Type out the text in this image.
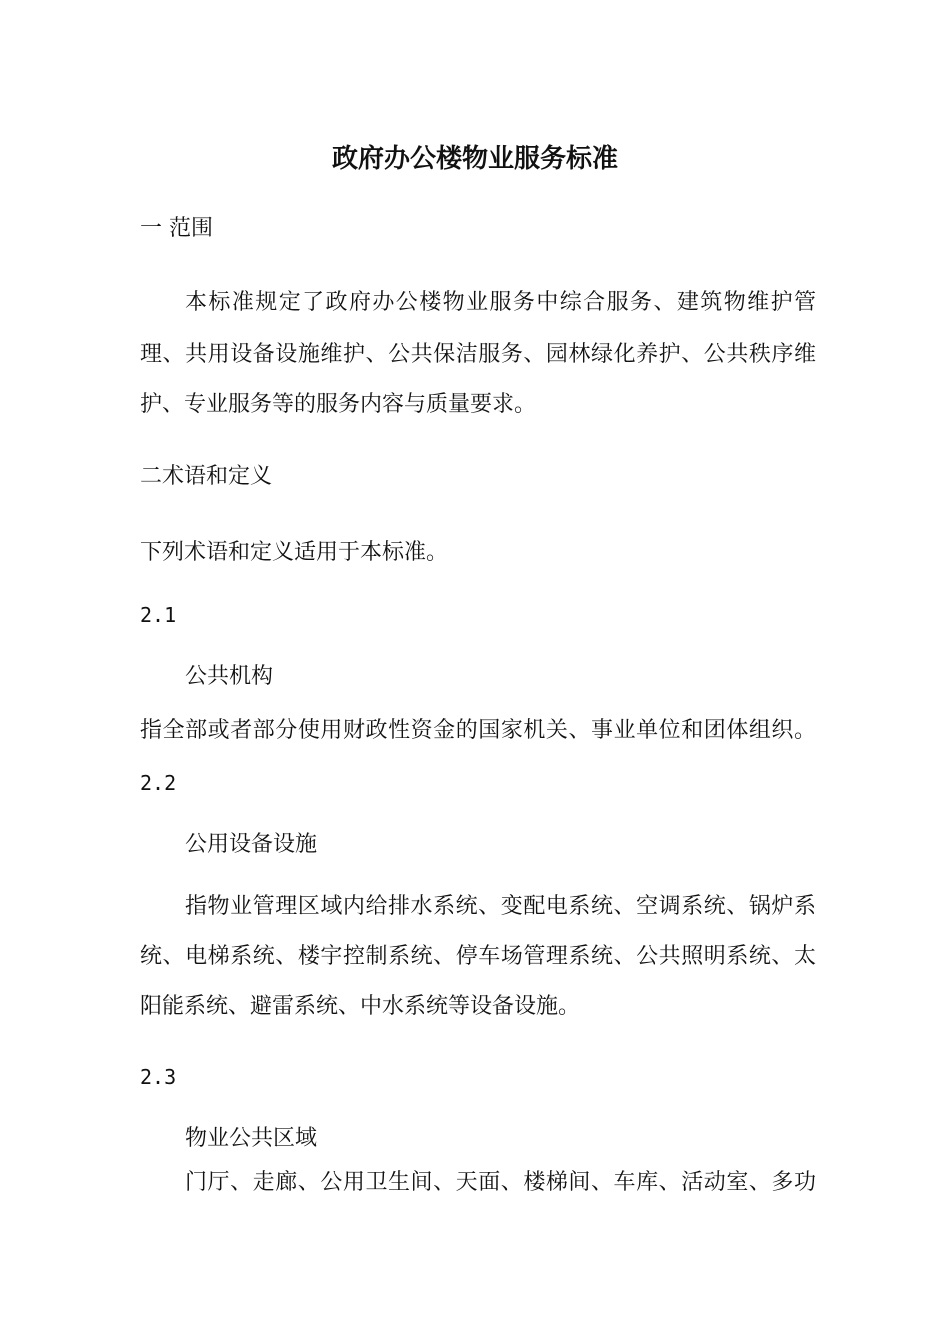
政府办公楼物业服务标准
一 范围
本标准规定了政府办公楼物业服务中综合服务、建筑物维护管
理、共用设备设施维护、公共保洁服务、园林绿化养护、公共秩序维
护、专业服务等的服务内容与质量要求。
二术语和定义
下列术语和定义适用于本标准。
2.1
公共机构
指全部或者部分使用财政性资金的国家机关、事业单位和团体组织。
2.2
公用设备设施
指物业管理区域内给排水系统、变配电系统、空调系统、锅炉系
统、电梯系统、楼宇控制系统、停车场管理系统、公共照明系统、太
阳能系统、避雷系统、中水系统等设备设施。
2.3
物业公共区域
门厅、走廊、公用卫生间、天面、楼梯间、车库、活动室、多功
